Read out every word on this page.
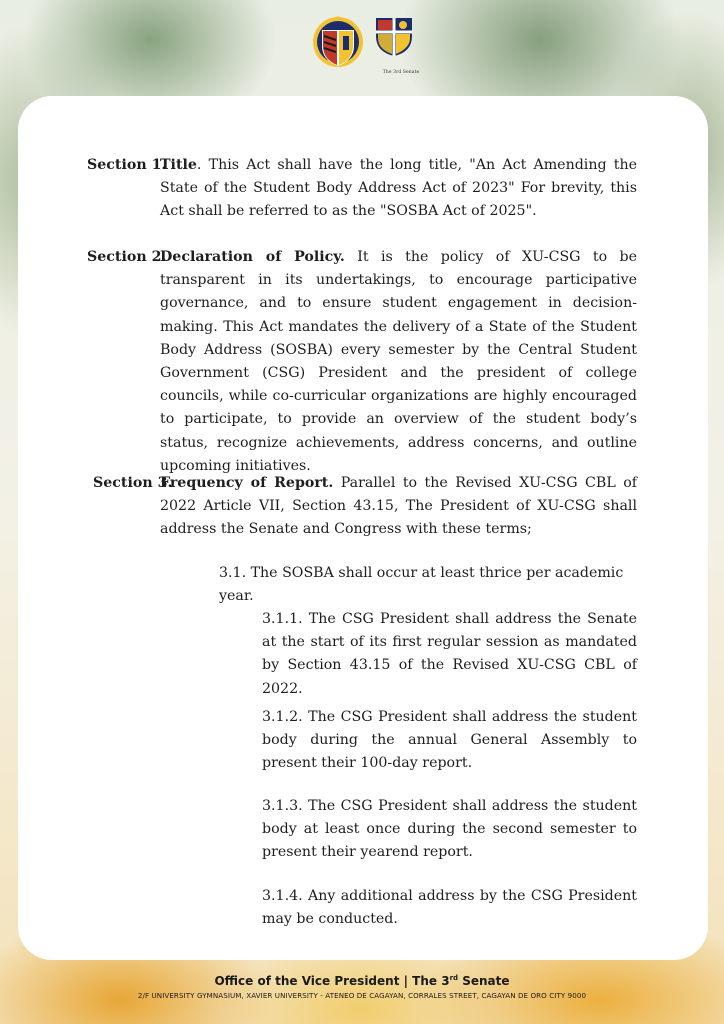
The 3rd Senate

Section 1.

Title. This Act shall have the long title, "An Act Amending the State of the Student Body Address Act of 2023" For brevity, this Act shall be referred to as the "SOSBA Act of 2025".

Section 2.

Declaration of Policy. It is the policy of XU-CSG to be transparent in its undertakings, to encourage participative governance, and to ensure student engagement in decision-making. This Act mandates the delivery of a State of the Student Body Address (SOSBA) every semester by the Central Student Government (CSG) President and the president of college councils, while co-curricular organizations are highly encouraged to participate, to provide an overview of the student body’s status, recognize achievements, address concerns, and outline upcoming initiatives.

Section 3.

Frequency of Report. Parallel to the Revised XU-CSG CBL of 2022 Article VII, Section 43.15, The President of XU-CSG shall address the Senate and Congress with these terms;

3.1. The SOSBA shall occur at least thrice per academic year.

3.1.1. The CSG President shall address the Senate at the start of its first regular session as mandated by Section 43.15 of the Revised XU-CSG CBL of 2022.

3.1.2. The CSG President shall address the student body during the annual General Assembly to present their 100-day report.

3.1.3. The CSG President shall address the student body at least once during the second semester to present their yearend report.

3.1.4. Any additional address by the CSG President may be conducted.

Office of the Vice President | The 3rd Senate
2/F UNIVERSITY GYMNASIUM, XAVIER UNIVERSITY - ATENEO DE CAGAYAN, CORRALES STREET, CAGAYAN DE ORO CITY 9000
